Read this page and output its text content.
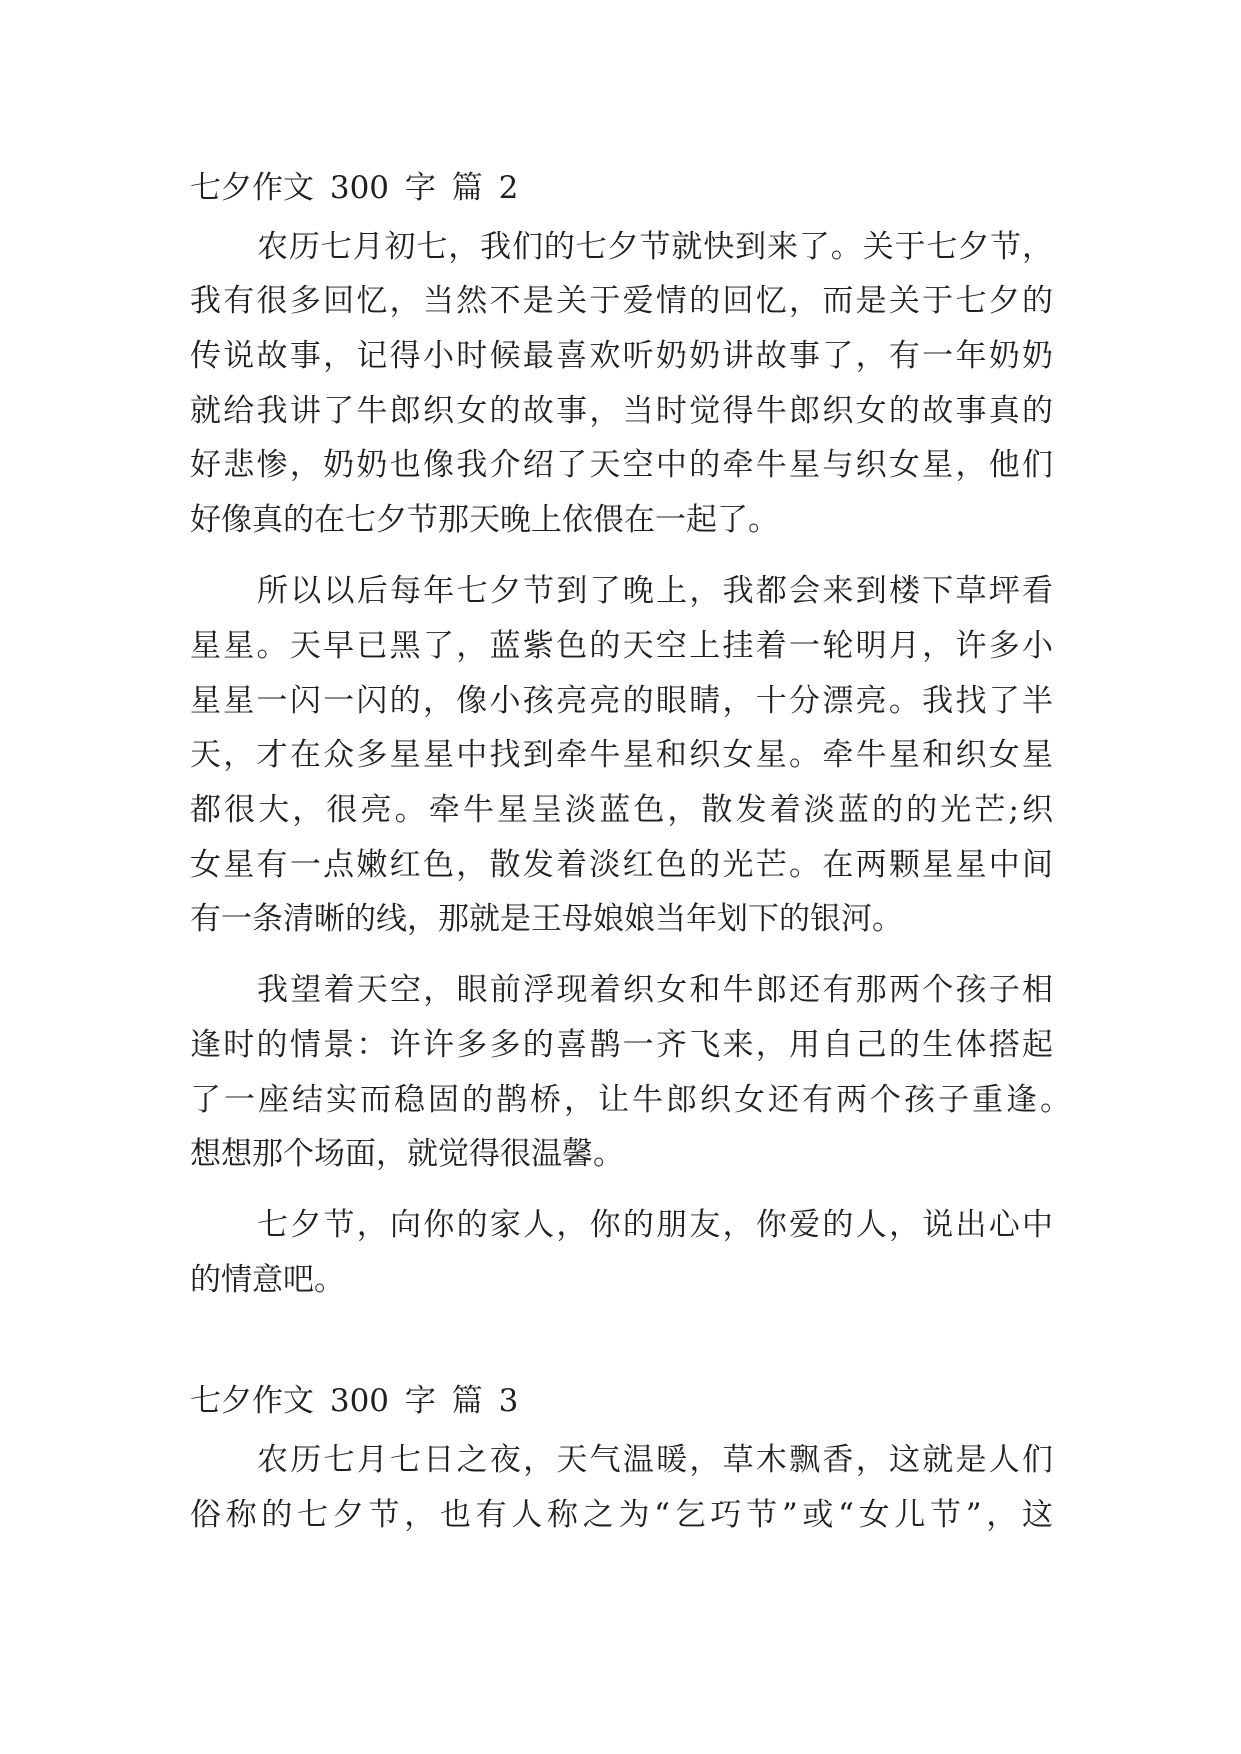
七夕作文 300 字 篇 2

农历七月初七，我们的七夕节就快到来了。关于七夕节，

我有很多回忆，当然不是关于爱情的回忆，而是关于七夕的

传说故事，记得小时候最喜欢听奶奶讲故事了，有一年奶奶

就给我讲了牛郎织女的故事，当时觉得牛郎织女的故事真的

好悲惨，奶奶也像我介绍了天空中的牵牛星与织女星，他们

好像真的在七夕节那天晚上依偎在一起了。

所以以后每年七夕节到了晚上，我都会来到楼下草坪看

星星。天早已黑了，蓝紫色的天空上挂着一轮明月，许多小

星星一闪一闪的，像小孩亮亮的眼睛，十分漂亮。我找了半

天，才在众多星星中找到牵牛星和织女星。牵牛星和织女星

都很大，很亮。牵牛星呈淡蓝色，散发着淡蓝的的光芒;织

女星有一点嫩红色，散发着淡红色的光芒。在两颗星星中间

有一条清晰的线，那就是王母娘娘当年划下的银河。

我望着天空，眼前浮现着织女和牛郎还有那两个孩子相

逢时的情景：许许多多的喜鹊一齐飞来，用自己的生体搭起

了一座结实而稳固的鹊桥，让牛郎织女还有两个孩子重逢。

想想那个场面，就觉得很温馨。

七夕节，向你的家人，你的朋友，你爱的人，说出心中

的情意吧。

七夕作文 300 字 篇 3

农历七月七日之夜，天气温暖，草木飘香，这就是人们

俗称的七夕节，也有人称之为“乞巧节”或“女儿节”，这
